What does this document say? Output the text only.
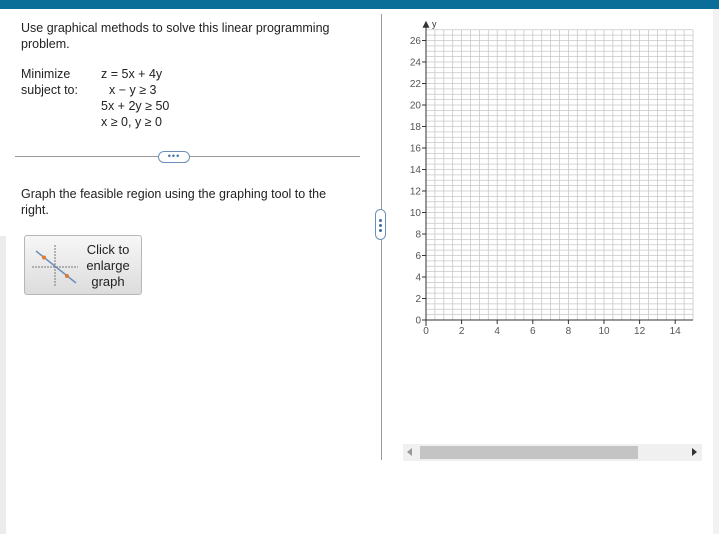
Use graphical methods to solve this linear programming problem.
Minimize
subject to:
z = 5x + 4y
x − y ≥ 3
5x + 2y ≥ 50
x ≥ 0, y ≥ 0
•••
Graph the feasible region using the graphing tool to the right.
Click to
enlarge
graph
y
0
2
4
6
8
10
12
14
16
18
20
22
24
26
0	2	4	6	8	10 12 14
